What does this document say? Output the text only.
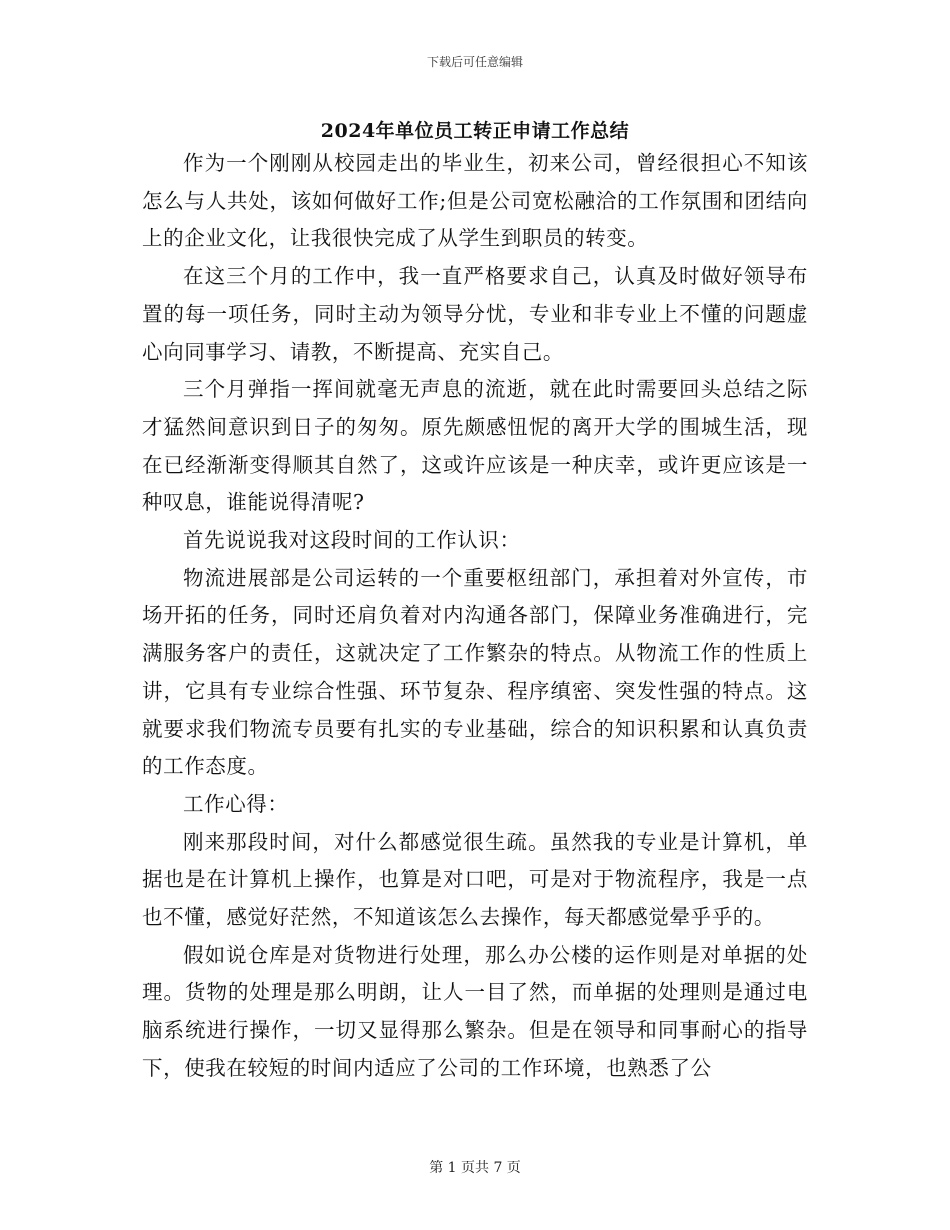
下载后可任意编辑
2024年单位员工转正申请工作总结

作为一个刚刚从校园走出的毕业生，初来公司，曾经很担心不知该怎么与人共处，该如何做好工作;但是公司宽松融洽的工作氛围和团结向上的企业文化，让我很快完成了从学生到职员的转变。

在这三个月的工作中，我一直严格要求自己，认真及时做好领导布置的每一项任务，同时主动为领导分忧，专业和非专业上不懂的问题虚心向同事学习、请教，不断提高、充实自己。

三个月弹指一挥间就毫无声息的流逝，就在此时需要回头总结之际才猛然间意识到日子的匆匆。原先颇感忸怩的离开大学的围城生活，现在已经渐渐变得顺其自然了，这或许应该是一种庆幸，或许更应该是一种叹息，谁能说得清呢?

首先说说我对这段时间的工作认识：

物流进展部是公司运转的一个重要枢纽部门，承担着对外宣传，市场开拓的任务，同时还肩负着对内沟通各部门，保障业务准确进行，完满服务客户的责任，这就决定了工作繁杂的特点。从物流工作的性质上讲，它具有专业综合性强、环节复杂、程序缜密、突发性强的特点。这就要求我们物流专员要有扎实的专业基础，综合的知识积累和认真负责的工作态度。

工作心得：

刚来那段时间，对什么都感觉很生疏。虽然我的专业是计算机，单据也是在计算机上操作，也算是对口吧，可是对于物流程序，我是一点也不懂，感觉好茫然，不知道该怎么去操作，每天都感觉晕乎乎的。

假如说仓库是对货物进行处理，那么办公楼的运作则是对单据的处理。货物的处理是那么明朗，让人一目了然，而单据的处理则是通过电脑系统进行操作，一切又显得那么繁杂。但是在领导和同事耐心的指导下，使我在较短的时间内适应了公司的工作环境，也熟悉了公

第 1 页共 7 页
